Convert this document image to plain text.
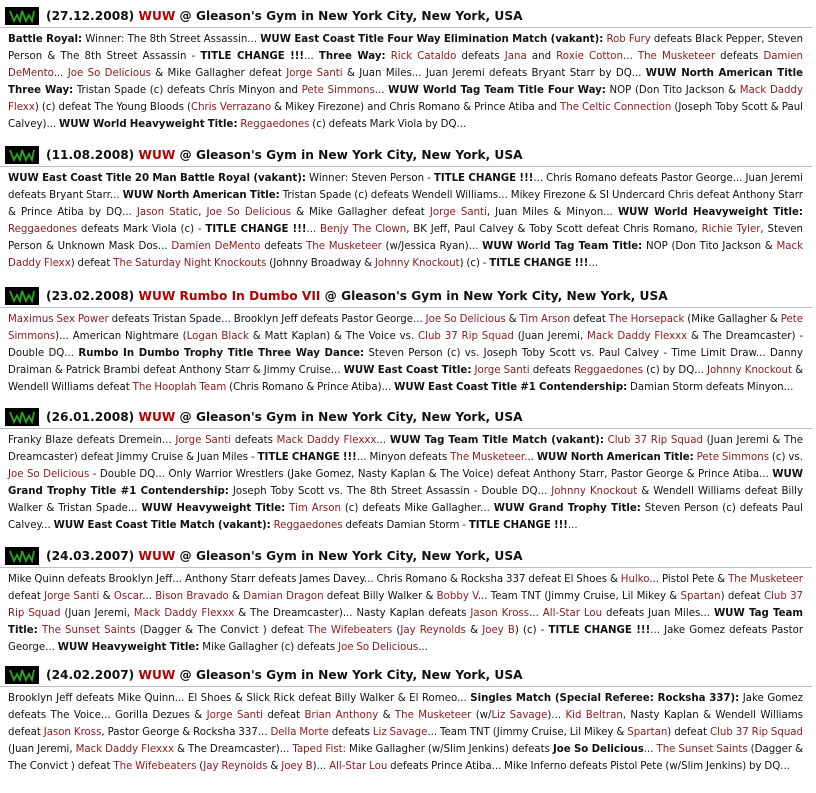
(27.12.2008) WUW @ Gleason's Gym in New York City, New York, USA
Battle Royal: Winner: The 8th Street Assassin... WUW East Coast Title Four Way Elimination Match (vakant): Rob Fury defeats Black Pepper, Steven Person & The 8th Street Assassin - TITLE CHANGE !!!... Three Way: Rick Cataldo defeats Jana and Roxie Cotton... The Musketeer defeats Damien DeMento... Joe So Delicious & Mike Gallagher defeat Jorge Santi & Juan Miles... Juan Jeremi defeats Bryant Starr by DQ... WUW North American Title Three Way: Tristan Spade (c) defeats Chris Minyon and Pete Simmons... WUW World Tag Team Title Four Way: NOP (Don Tito Jackson & Mack Daddy Flexx) (c) defeat The Young Bloods (Chris Verrazano & Mikey Firezone) and Chris Romano & Prince Atiba and The Celtic Connection (Joseph Toby Scott & Paul Calvey)... WUW World Heavyweight Title: Reggaedones (c) defeats Mark Viola by DQ...
(11.08.2008) WUW @ Gleason's Gym in New York City, New York, USA
WUW East Coast Title 20 Man Battle Royal (vakant): Winner: Steven Person - TITLE CHANGE !!!... Chris Romano defeats Pastor George... Juan Jeremi defeats Bryant Starr... WUW North American Title: Tristan Spade (c) defeats Wendell Williams... Mikey Firezone & SI Undercard Chris defeat Anthony Starr & Prince Atiba by DQ... Jason Static, Joe So Delicious & Mike Gallagher defeat Jorge Santi, Juan Miles & Minyon... WUW World Heavyweight Title: Reggaedones defeats Mark Viola (c) - TITLE CHANGE !!!... Benjy The Clown, BK Jeff, Paul Calvey & Toby Scott defeat Chris Romano, Richie Tyler, Steven Person & Unknown Mask Dos... Damien DeMento defeats The Musketeer (w/Jessica Ryan)... WUW World Tag Team Title: NOP (Don Tito Jackson & Mack Daddy Flexx) defeat The Saturday Night Knockouts (Johnny Broadway & Johnny Knockout) (c) - TITLE CHANGE !!!...
(23.02.2008) WUW Rumbo In Dumbo VII @ Gleason's Gym in New York City, New York, USA
Maximus Sex Power defeats Tristan Spade... Brooklyn Jeff defeats Pastor George... Joe So Delicious & Tim Arson defeat The Horsepack (Mike Gallagher & Pete Simmons)... American Nightmare (Logan Black & Matt Kaplan) & The Voice vs. Club 37 Rip Squad (Juan Jeremi, Mack Daddy Flexxx & The Dreamcaster) - Double DQ... Rumbo In Dumbo Trophy Title Three Way Dance: Steven Person (c) vs. Joseph Toby Scott vs. Paul Calvey - Time Limit Draw... Danny Draiman & Patrick Brambi defeat Anthony Starr & Jimmy Cruise... WUW East Coast Title: Jorge Santi defeats Reggaedones (c) by DQ... Johnny Knockout & Wendell Williams defeat The Hooplah Team (Chris Romano & Prince Atiba)... WUW East Coast Title #1 Contendership: Damian Storm defeats Minyon...
(26.01.2008) WUW @ Gleason's Gym in New York City, New York, USA
Franky Blaze defeats Dremein... Jorge Santi defeats Mack Daddy Flexxx... WUW Tag Team Title Match (vakant): Club 37 Rip Squad (Juan Jeremi & The Dreamcaster) defeat Jimmy Cruise & Juan Miles - TITLE CHANGE !!!... Minyon defeats The Musketeer... WUW North American Title: Pete Simmons (c) vs. Joe So Delicious - Double DQ... Only Warrior Wrestlers (Jake Gomez, Nasty Kaplan & The Voice) defeat Anthony Starr, Pastor George & Prince Atiba... WUW Grand Trophy Title #1 Contendership: Joseph Toby Scott vs. The 8th Street Assassin - Double DQ... Johnny Knockout & Wendell Williams defeat Billy Walker & Tristan Spade... WUW Heavyweight Title: Tim Arson (c) defeats Mike Gallagher... WUW Grand Trophy Title: Steven Person (c) defeats Paul Calvey... WUW East Coast Title Match (vakant): Reggaedones defeats Damian Storm - TITLE CHANGE !!!...
(24.03.2007) WUW @ Gleason's Gym in New York City, New York, USA
Mike Quinn defeats Brooklyn Jeff... Anthony Starr defeats James Davey... Chris Romano & Rocksha 337 defeat El Shoes & Hulko... Pistol Pete & The Musketeer defeat Jorge Santi & Oscar... Bison Bravado & Damian Dragon defeat Billy Walker & Bobby V... Team TNT (Jimmy Cruise, Lil Mikey & Spartan) defeat Club 37 Rip Squad (Juan Jeremi, Mack Daddy Flexxx & The Dreamcaster)... Nasty Kaplan defeats Jason Kross... All-Star Lou defeats Juan Miles... WUW Tag Team Title: The Sunset Saints (Dagger & The Convict ) defeat The Wifebeaters (Jay Reynolds & Joey B) (c) - TITLE CHANGE !!!... Jake Gomez defeats Pastor George... WUW Heavyweight Title: Mike Gallagher (c) defeats Joe So Delicious...
(24.02.2007) WUW @ Gleason's Gym in New York City, New York, USA
Brooklyn Jeff defeats Mike Quinn... El Shoes & Slick Rick defeat Billy Walker & El Romeo... Singles Match (Special Referee: Rocksha 337): Jake Gomez defeats The Voice... Gorilla Dezues & Jorge Santi defeat Brian Anthony & The Musketeer (w/Liz Savage)... Kid Beltran, Nasty Kaplan & Wendell Williams defeat Jason Kross, Pastor George & Rocksha 337... Della Morte defeats Liz Savage... Team TNT (Jimmy Cruise, Lil Mikey & Spartan) defeat Club 37 Rip Squad (Juan Jeremi, Mack Daddy Flexxx & The Dreamcaster)... Taped Fist: Mike Gallagher (w/Slim Jenkins) defeats Joe So Delicious... The Sunset Saints (Dagger & The Convict ) defeat The Wifebeaters (Jay Reynolds & Joey B)... All-Star Lou defeats Prince Atiba... Mike Inferno defeats Pistol Pete (w/Slim Jenkins) by DQ...
